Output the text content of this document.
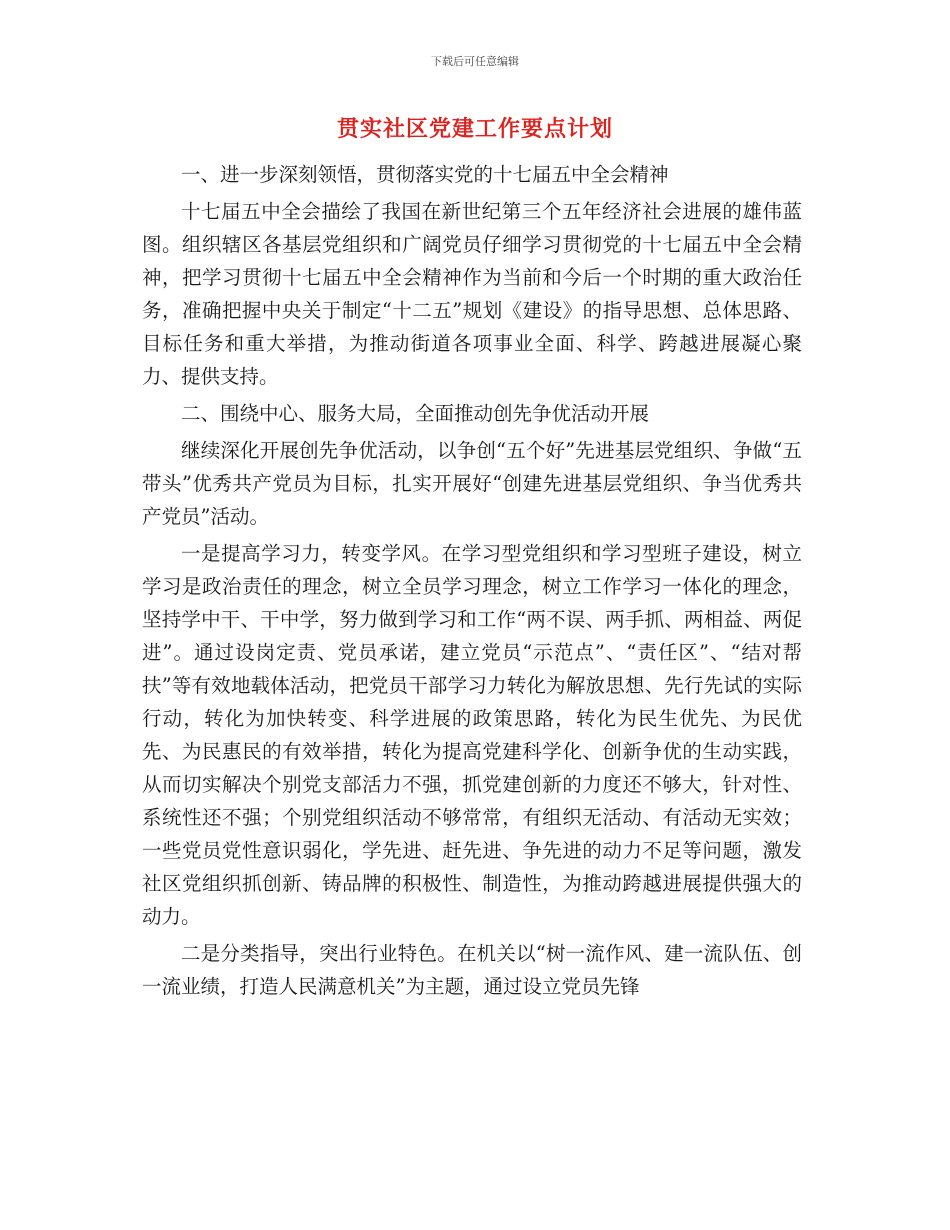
下载后可任意编辑
贯实社区党建工作要点计划

一、进一步深刻领悟，贯彻落实党的十七届五中全会精神

十七届五中全会描绘了我国在新世纪第三个五年经济社会进展的雄伟蓝图。组织辖区各基层党组织和广阔党员仔细学习贯彻党的十七届五中全会精神，把学习贯彻十七届五中全会精神作为当前和今后一个时期的重大政治任务，准确把握中央关于制定“十二五”规划《建设》的指导思想、总体思路、目标任务和重大举措，为推动街道各项事业全面、科学、跨越进展凝心聚力、提供支持。

二、围绕中心、服务大局，全面推动创先争优活动开展

继续深化开展创先争优活动，以争创“五个好”先进基层党组织、争做“五带头”优秀共产党员为目标，扎实开展好“创建先进基层党组织、争当优秀共产党员”活动。

一是提高学习力，转变学风。在学习型党组织和学习型班子建设，树立学习是政治责任的理念，树立全员学习理念，树立工作学习一体化的理念，坚持学中干、干中学，努力做到学习和工作“两不误、两手抓、两相益、两促进”。通过设岗定责、党员承诺，建立党员“示范点”、“责任区”、“结对帮扶”等有效地载体活动，把党员干部学习力转化为解放思想、先行先试的实际行动，转化为加快转变、科学进展的政策思路，转化为民生优先、为民优先、为民惠民的有效举措，转化为提高党建科学化、创新争优的生动实践，从而切实解决个别党支部活力不强，抓党建创新的力度还不够大，针对性、系统性还不强；个别党组织活动不够常常，有组织无活动、有活动无实效；一些党员党性意识弱化，学先进、赶先进、争先进的动力不足等问题，激发社区党组织抓创新、铸品牌的积极性、制造性，为推动跨越进展提供强大的动力。

二是分类指导，突出行业特色。在机关以“树一流作风、建一流队伍、创一流业绩，打造人民满意机关”为主题，通过设立党员先锋
